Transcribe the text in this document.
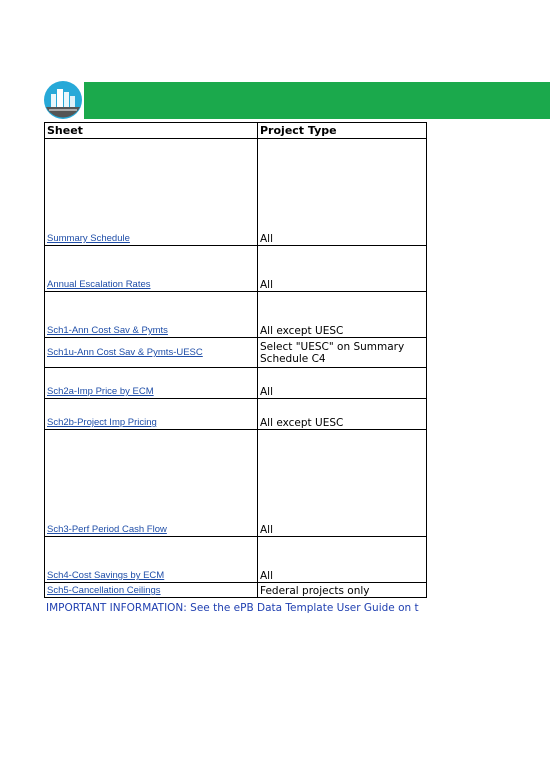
Sheet	Project Type
Summary Schedule	All
Annual Escalation Rates	All
Sch1-Ann Cost Sav & Pymts	All except UESC
Sch1u-Ann Cost Sav & Pymts-UESC	Select "UESC" on Summary Schedule C4
Sch2a-Imp Price by ECM	All
Sch2b-Project Imp Pricing	All except UESC
Sch3-Perf Period Cash Flow	All
Sch4-Cost Savings by ECM	All
Sch5-Cancellation Ceilings	Federal projects only
IMPORTANT INFORMATION: See the ePB Data Template User Guide on t
